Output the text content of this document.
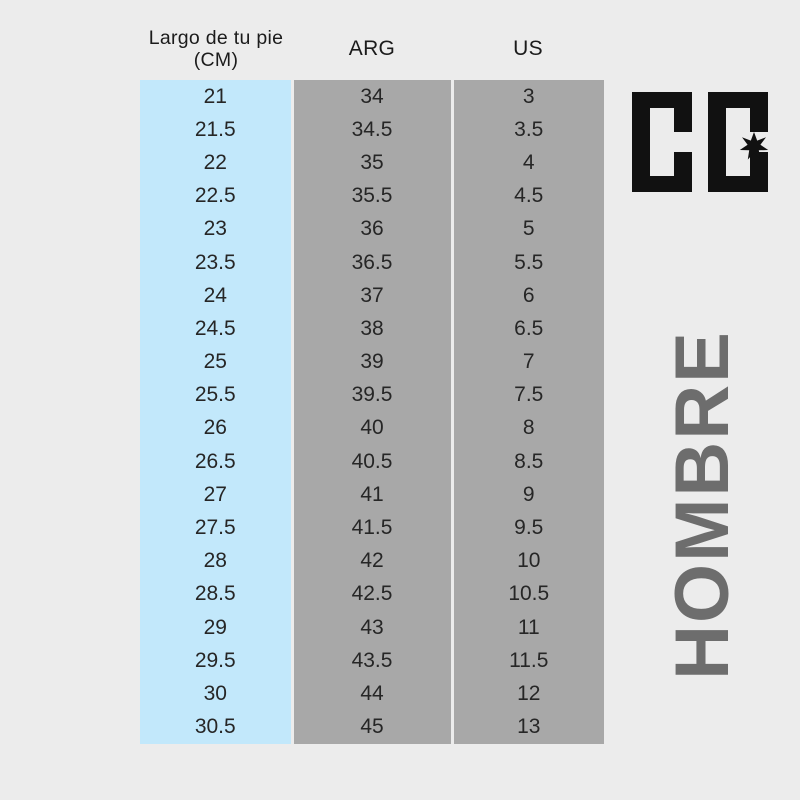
Largo de tu pie (CM)	ARG	US
21	34	3
21.5	34.5	3.5
22	35	4
22.5	35.5	4.5
23	36	5
23.5	36.5	5.5
24	37	6
24.5	38	6.5
25	39	7
25.5	39.5	7.5
26	40	8
26.5	40.5	8.5
27	41	9
27.5	41.5	9.5
28	42	10
28.5	42.5	10.5
29	43	11
29.5	43.5	11.5
30	44	12
30.5	45	13
HOMBRE
